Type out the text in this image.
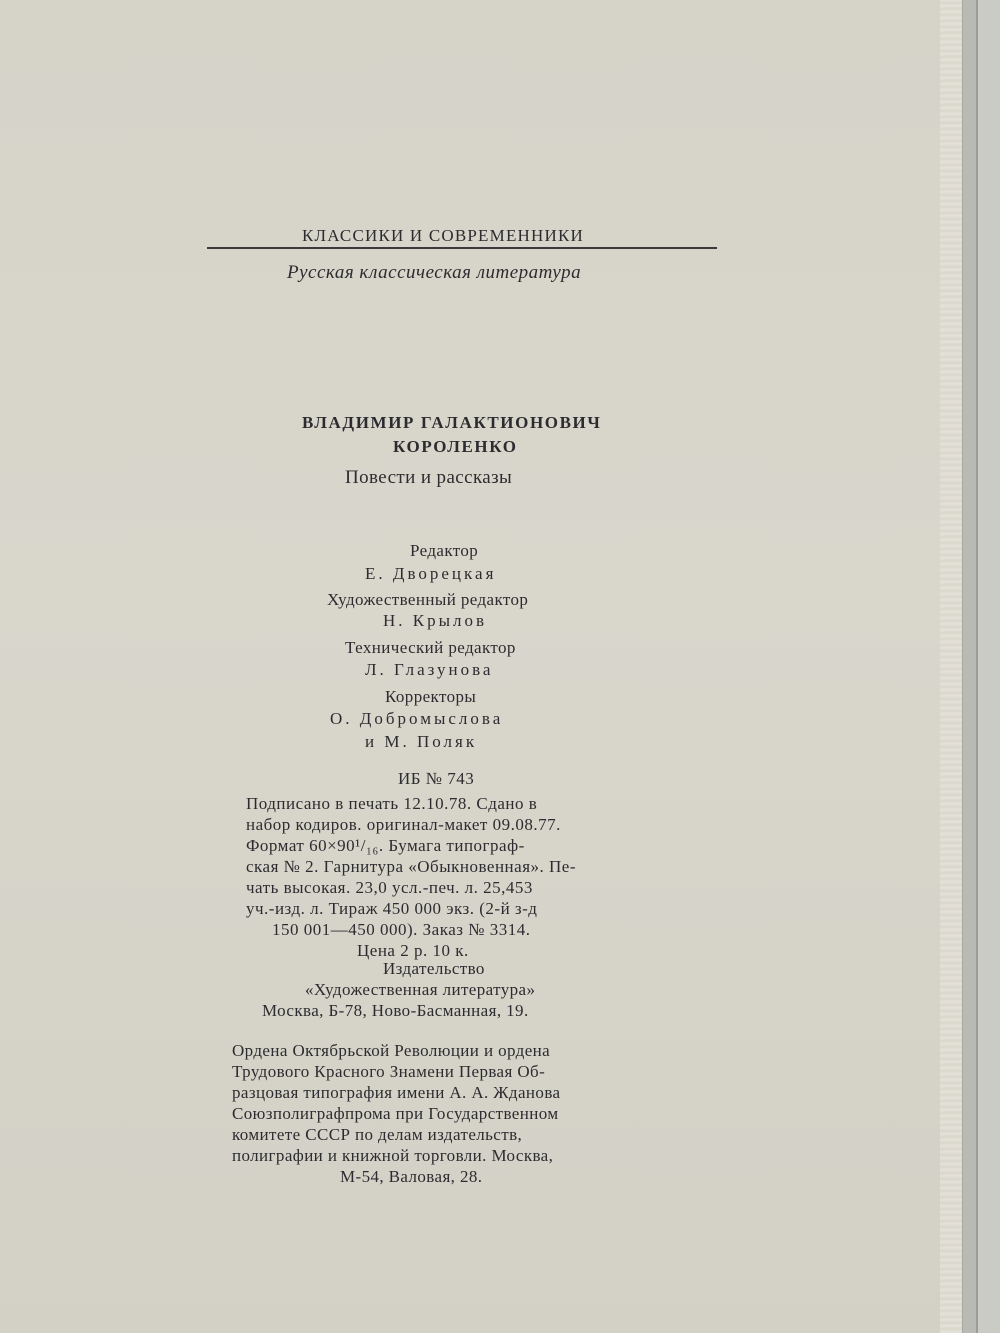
КЛАССИКИ И СОВРЕМЕННИКИ
Русская классическая литература
ВЛАДИМИР ГАЛАКТИОНОВИЧ
КОРОЛЕНКО
Повести и рассказы
Редактор
Е. Дворецкая
Художественный редактор
Н. Крылов
Технический редактор
Л. Глазунова
Корректоры
О. Добромыслова
и М. Поляк
ИБ № 743
Подписано в печать 12.10.78. Сдано в
набор кодиров. оригинал-макет 09.08.77.
Формат 60×90¹/₁₆. Бумага типограф-
ская № 2. Гарнитура «Обыкновенная». Пе-
чать высокая. 23,0 усл.-печ. л. 25,453
уч.-изд. л. Тираж 450 000 экз. (2-й з-д
150 001—450 000). Заказ № 3314.
Цена 2 р. 10 к.
Издательство
«Художественная литература»
Москва, Б-78, Ново-Басманная, 19.
Ордена Октябрьской Революции и ордена
Трудового Красного Знамени Первая Об-
разцовая типография имени А. А. Жданова
Союзполиграфпрома при Государственном
комитете СССР по делам издательств,
полиграфии и книжной торговли. Москва,
М-54, Валовая, 28.
